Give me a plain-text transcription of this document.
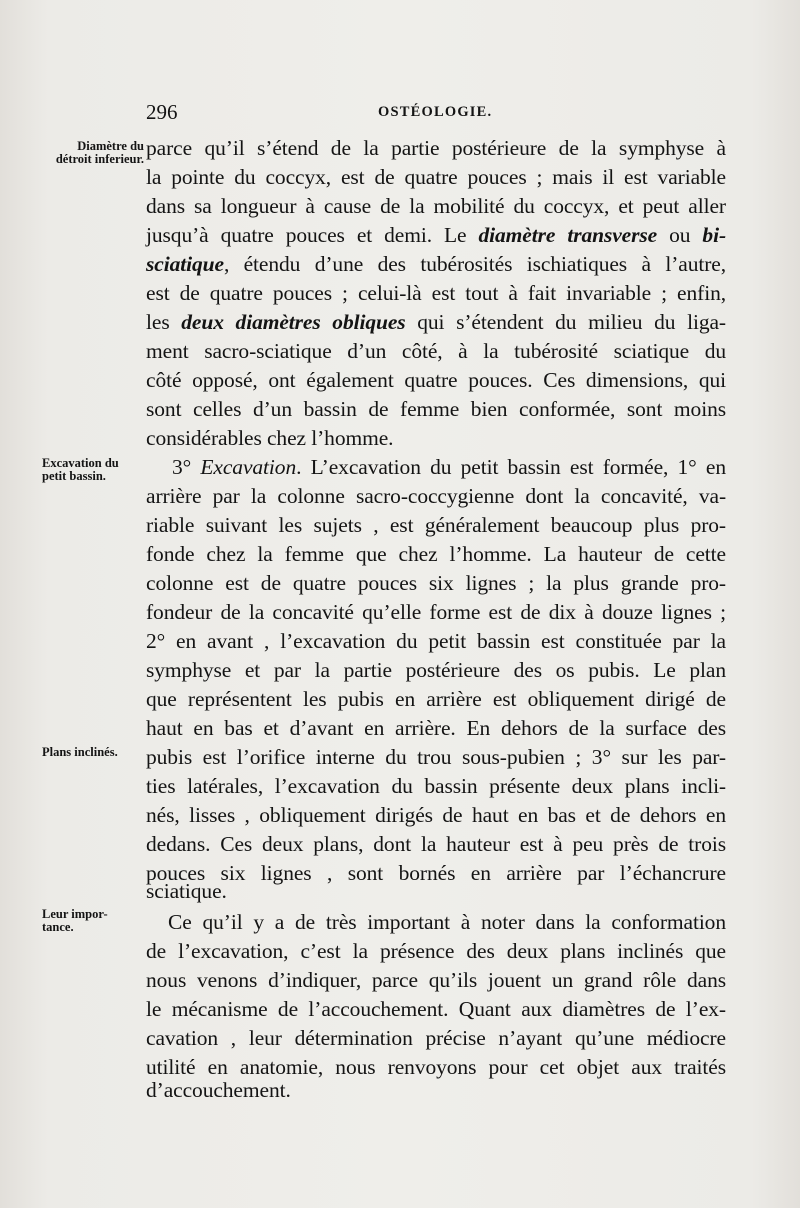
296	OSTÉOLOGIE.
Diamètre du
détroit inferieur.
Excavation du
petit bassin.
Plans inclinés.
Leur impor-
tance.
parce qu’il s’étend de la partie postérieure de la symphyse à
la pointe du coccyx, est de quatre pouces ; mais il est variable
dans sa longueur à cause de la mobilité du coccyx, et peut aller
jusqu’à quatre pouces et demi. Le diamètre transverse ou bi-
sciatique, étendu d’une des tubérosités ischiatiques à l’autre,
est de quatre pouces ; celui-là est tout à fait invariable ; enfin,
les deux diamètres obliques qui s’étendent du milieu du liga-
ment sacro-sciatique d’un côté, à la tubérosité sciatique du
côté opposé, ont également quatre pouces. Ces dimensions, qui
sont celles d’un bassin de femme bien conformée, sont moins
considérables chez l’homme.
3° Excavation. L’excavation du petit bassin est formée, 1° en
arrière par la colonne sacro-coccygienne dont la concavité, va-
riable suivant les sujets , est généralement beaucoup plus pro-
fonde chez la femme que chez l’homme. La hauteur de cette
colonne est de quatre pouces six lignes ; la plus grande pro-
fondeur de la concavité qu’elle forme est de dix à douze lignes ;
2° en avant , l’excavation du petit bassin est constituée par la
symphyse et par la partie postérieure des os pubis. Le plan
que représentent les pubis en arrière est obliquement dirigé de
haut en bas et d’avant en arrière. En dehors de la surface des
pubis est l’orifice interne du trou sous-pubien ; 3° sur les par-
ties latérales, l’excavation du bassin présente deux plans incli-
nés, lisses , obliquement dirigés de haut en bas et de dehors en
dedans. Ces deux plans, dont la hauteur est à peu près de trois
pouces six lignes , sont bornés en arrière par l’échancrure
sciatique.
Ce qu’il y a de très important à noter dans la conformation
de l’excavation, c’est la présence des deux plans inclinés que
nous venons d’indiquer, parce qu’ils jouent un grand rôle dans
le mécanisme de l’accouchement. Quant aux diamètres de l’ex-
cavation , leur détermination précise n’ayant qu’une médiocre
utilité en anatomie, nous renvoyons pour cet objet aux traités
d’accouchement.
